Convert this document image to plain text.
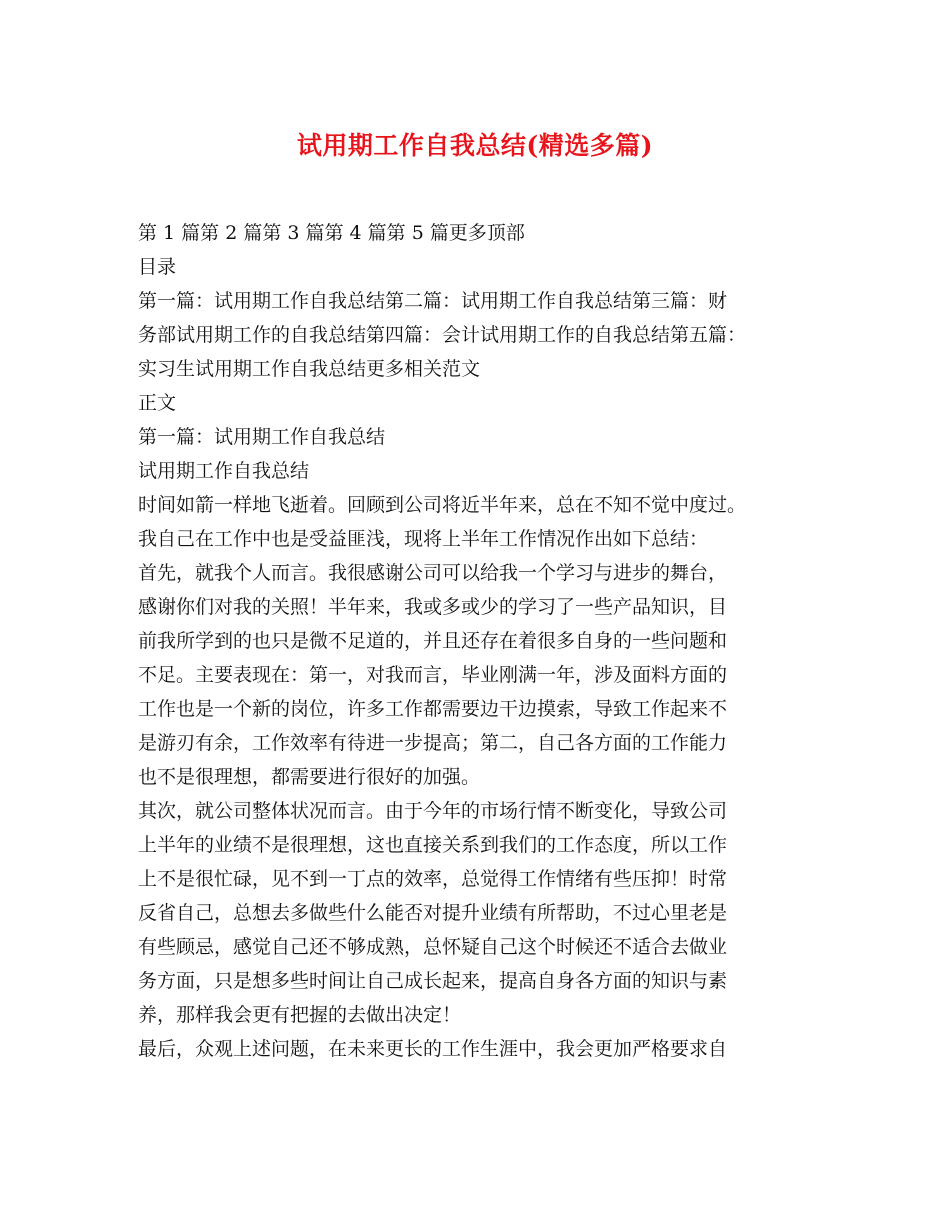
试用期工作自我总结(精选多篇)
第 1 篇第 2 篇第 3 篇第 4 篇第 5 篇更多顶部
目录
第一篇：试用期工作自我总结第二篇：试用期工作自我总结第三篇：财
务部试用期工作的自我总结第四篇：会计试用期工作的自我总结第五篇：
实习生试用期工作自我总结更多相关范文
正文
第一篇：试用期工作自我总结
试用期工作自我总结
时间如箭一样地飞逝着。回顾到公司将近半年来，总在不知不觉中度过。
我自己在工作中也是受益匪浅，现将上半年工作情况作出如下总结：
首先，就我个人而言。我很感谢公司可以给我一个学习与进步的舞台，
感谢你们对我的关照！半年来，我或多或少的学习了一些产品知识，目
前我所学到的也只是微不足道的，并且还存在着很多自身的一些问题和
不足。主要表现在：第一，对我而言，毕业刚满一年，涉及面料方面的
工作也是一个新的岗位，许多工作都需要边干边摸索，导致工作起来不
是游刃有余，工作效率有待进一步提高；第二，自己各方面的工作能力
也不是很理想，都需要进行很好的加强。
其次，就公司整体状况而言。由于今年的市场行情不断变化，导致公司
上半年的业绩不是很理想，这也直接关系到我们的工作态度，所以工作
上不是很忙碌，见不到一丁点的效率，总觉得工作情绪有些压抑！时常
反省自己，总想去多做些什么能否对提升业绩有所帮助，不过心里老是
有些顾忌，感觉自己还不够成熟，总怀疑自己这个时候还不适合去做业
务方面，只是想多些时间让自己成长起来，提高自身各方面的知识与素
养，那样我会更有把握的去做出决定！
最后，众观上述问题，在未来更长的工作生涯中，我会更加严格要求自
